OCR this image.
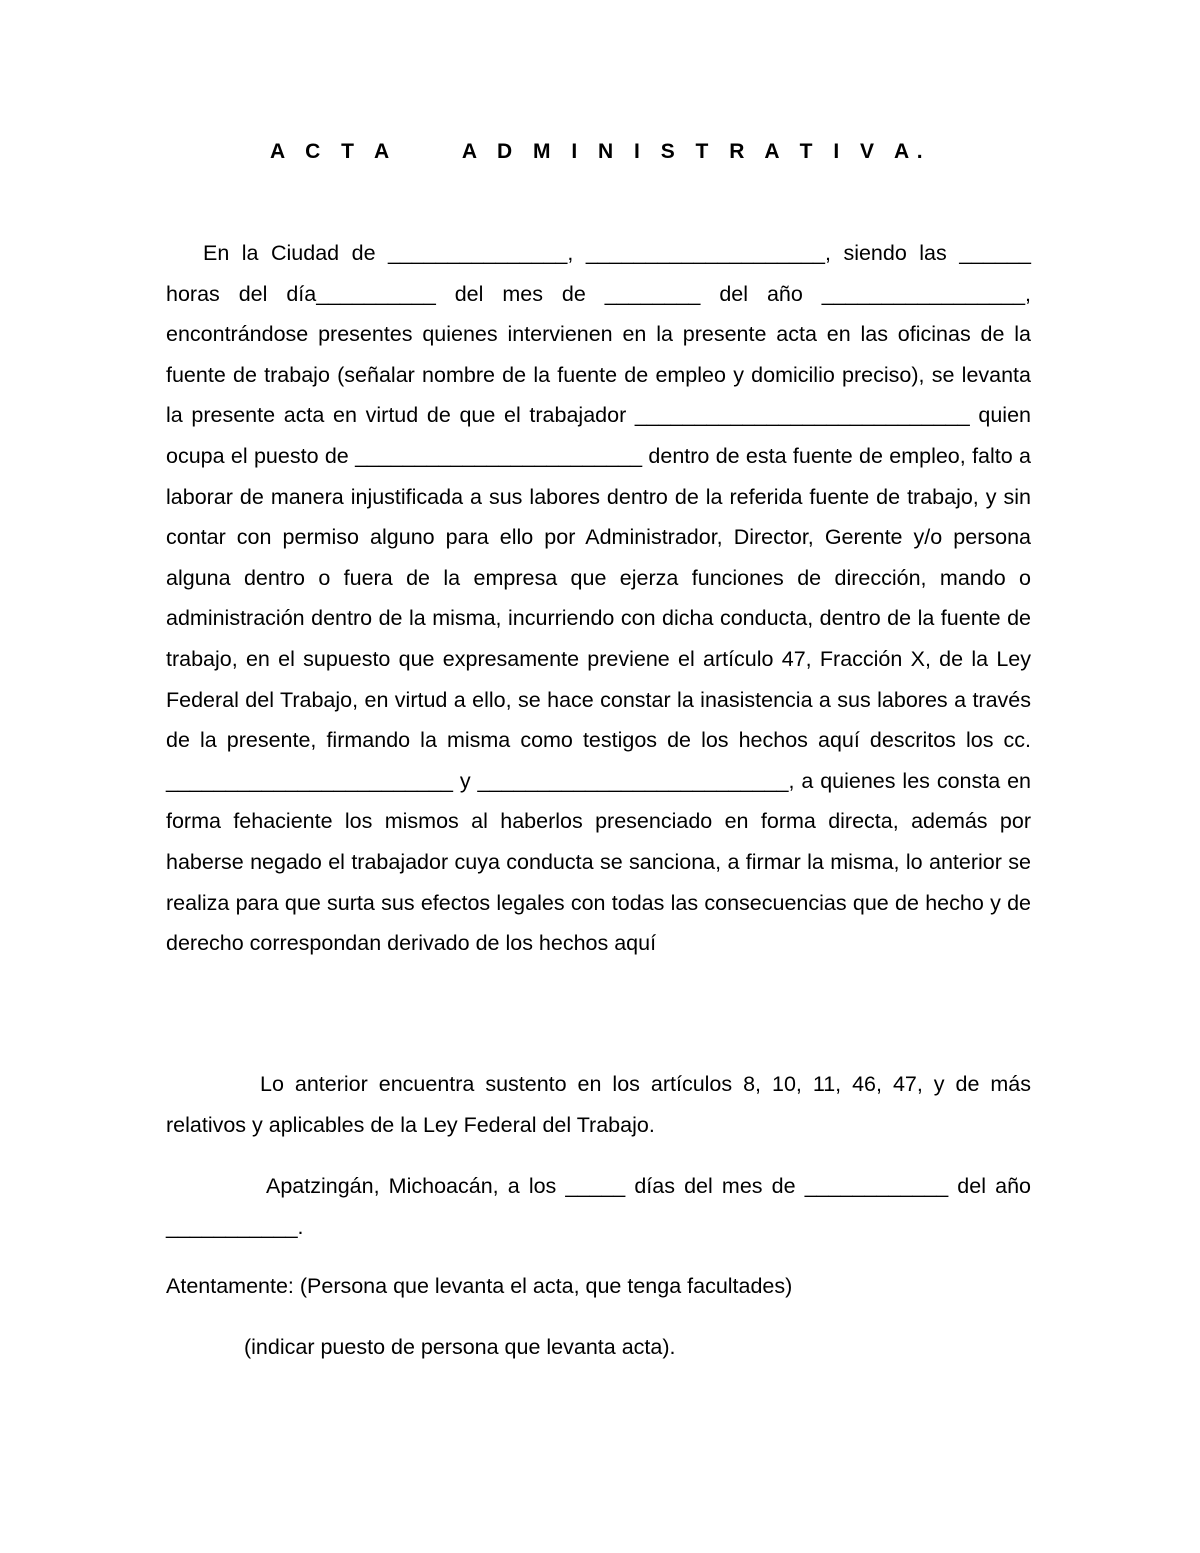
A C T A     A D M I N I S T R A T I V A.

En la Ciudad de _______________, ____________________, siendo las ______ horas del día__________ del mes de ________ del año _________________, encontrándose presentes quienes intervienen en la presente acta en las oficinas de la fuente de trabajo (señalar nombre de la fuente de empleo y domicilio preciso), se levanta la presente acta en virtud de que el trabajador ____________________________ quien ocupa el puesto de ________________________ dentro de esta fuente de empleo, falto a laborar de manera injustificada a sus labores dentro de la referida fuente de trabajo, y sin contar con permiso alguno para ello por Administrador, Director, Gerente y/o persona alguna dentro o fuera de la empresa que ejerza funciones de dirección, mando o administración dentro de la misma, incurriendo con dicha conducta, dentro de la fuente de trabajo, en el supuesto que expresamente previene el artículo 47, Fracción X, de la Ley Federal del Trabajo, en virtud a ello, se hace constar la inasistencia a sus labores a través de la presente, firmando la misma como testigos de los hechos aquí descritos los cc. ________________________ y __________________________, a quienes les consta en forma fehaciente los mismos al haberlos presenciado en forma directa, además por haberse negado el trabajador cuya conducta se sanciona, a firmar la misma, lo anterior se realiza para que surta sus efectos legales con todas las consecuencias que de hecho y de derecho correspondan derivado de los hechos aquí

Lo anterior encuentra sustento en los artículos 8, 10, 11, 46, 47, y de más relativos y aplicables de la Ley Federal del Trabajo.

Apatzingán, Michoacán, a los _____ días del mes de ____________ del año ___________.

Atentamente: (Persona que levanta el acta, que tenga facultades)
(indicar puesto de persona que levanta acta).
